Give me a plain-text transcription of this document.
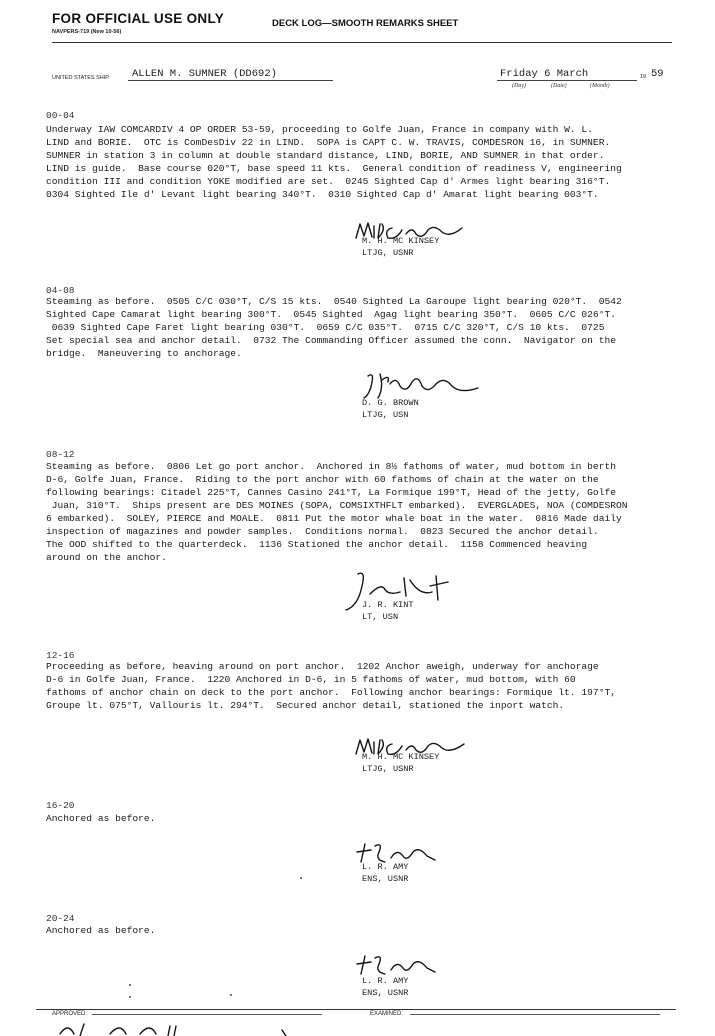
FOR OFFICIAL USE ONLY
NAVPERS-719 (New 10-56)
DECK LOG—SMOOTH REMARKS SHEET
UNITED STATES SHIP ALLEN M. SUMNER (DD692)	Friday 6 March	19 59
(Day)	(Date)	(Month)
00-04
Underway IAW COMCARDIV 4 OP ORDER 53-59, proceeding to Golfe Juan, France in company with W. L.
LIND and BORIE.  OTC is ComDesDiv 22 in LIND.  SOPA is CAPT C. W. TRAVIS, COMDESRON 16, in SUMNER.
SUMNER in station 3 in column at double standard distance, LIND, BORIE, AND SUMNER in that order.
LIND is guide.  Base course 020°T, base speed 11 kts.  General condition of readiness V, engineering
condition III and condition YOKE modified are set.  0245 Sighted Cap d' Armes light bearing 316°T.
0304 Sighted Ile d' Levant light bearing 340°T.  0310 Sighted Cap d' Amarat light bearing 003°T.
M. H. MC KINSEY
LTJG, USNR
04-08
Steaming as before.  0505 C/C 030°T, C/S 15 kts.  0540 Sighted La Garoupe light bearing 020°T.  0542
Sighted Cape Camarat light bearing 300°T.  0545 Sighted  Agag light bearing 350°T.  0605 C/C 026°T.
0639 Sighted Cape Faret light bearing 030°T.  0659 C/C 035°T.  0715 C/C 320°T, C/S 10 kts.  0725
Set special sea and anchor detail.  0732 The Commanding Officer assumed the conn.  Navigator on the
bridge.  Maneuvering to anchorage.
D. G. BROWN
LTJG, USN
08-12
Steaming as before.  0806 Let go port anchor.  Anchored in 8½ fathoms of water, mud bottom in berth
D-6, Golfe Juan, France.  Riding to the port anchor with 60 fathoms of chain at the water on the
following bearings: Citadel 225°T, Cannes Casino 241°T, La Formique 199°T, Head of the jetty, Golfe
Juan, 310°T.  Ships present are DES MOINES (SOPA, COMSIXTHFLT embarked).  EVERGLADES, NOA (COMDESRON
6 embarked).  SOLEY, PIERCE and MOALE.  0811 Put the motor whale boat in the water.  0816 Made daily
inspection of magazines and powder samples.  Conditions normal.  0823 Secured the anchor detail.
The OOD shifted to the quarterdeck.  1136 Stationed the anchor detail.  1158 Commenced heaving
around on the anchor.
J. R. KINT
LT, USN
12-16
Proceeding as before, heaving around on port anchor.  1202 Anchor aweigh, underway for anchorage
D-6 in Golfe Juan, France.  1220 Anchored in D-6, in 5 fathoms of water, mud bottom, with 60
fathoms of anchor chain on deck to the port anchor.  Following anchor bearings: Formique lt. 197°T,
Groupe lt. 075°T, Vallouris lt. 294°T.  Secured anchor detail, stationed the inport watch.
M. H. MC KINSEY
LTJG, USNR
16-20
Anchored as before.
L. R. AMY
ENS, USNR
20-24
Anchored as before.
L. R. AMY
ENS, USNR
APPROVED:	EXAMINED:
